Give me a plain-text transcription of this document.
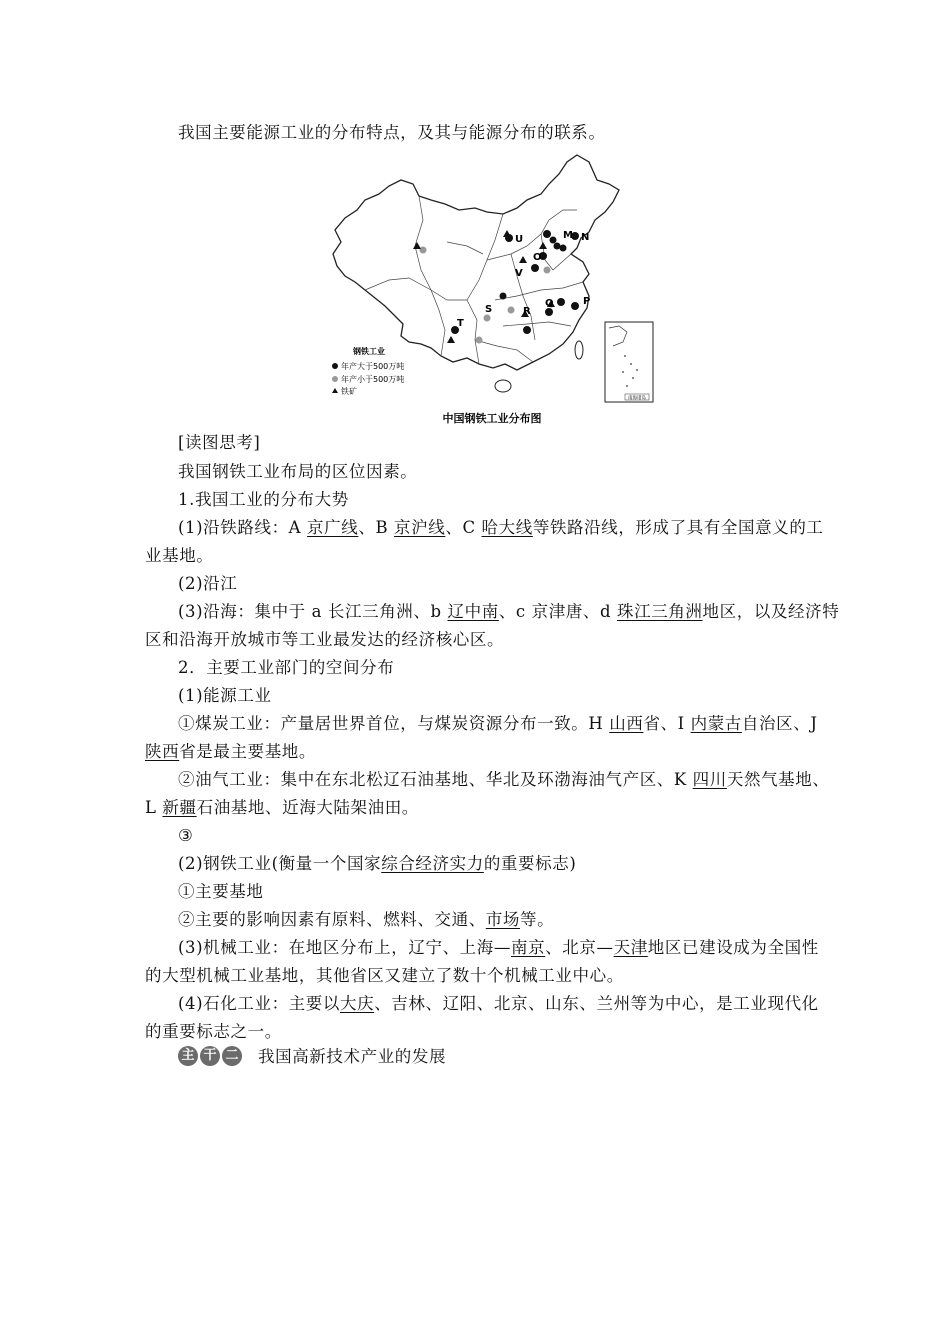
我国主要能源工业的分布特点，及其与能源分布的联系。
南海诸岛
U	M N
O
V
Q	P
R
S
T
钢铁工业
年产大于500万吨
年产小于500万吨
铁矿
中国钢铁工业分布图
[读图思考]
我国钢铁工业布局的区位因素。
1.我国工业的分布大势
(1)沿铁路线：A 京广线、B 京沪线、C 哈大线等铁路沿线，形成了具有全国意义的工
业基地。
(2)沿江
(3)沿海：集中于 a 长江三角洲、b 辽中南、c 京津唐、d 珠江三角洲地区，以及经济特
区和沿海开放城市等工业最发达的经济核心区。
2．主要工业部门的空间分布
(1)能源工业
①煤炭工业：产量居世界首位，与煤炭资源分布一致。H 山西省、I 内蒙古自治区、J
陕西省是最主要基地。
②油气工业：集中在东北松辽石油基地、华北及环渤海油气产区、K 四川天然气基地、
L 新疆石油基地、近海大陆架油田。
③
(2)钢铁工业(衡量一个国家综合经济实力的重要标志)
①主要基地
②主要的影响因素有原料、燃料、交通、市场等。
(3)机械工业：在地区分布上，辽宁、上海—南京、北京—天津地区已建设成为全国性
的大型机械工业基地，其他省区又建立了数十个机械工业中心。
(4)石化工业：主要以大庆、吉林、辽阳、北京、山东、兰州等为中心，是工业现代化
的重要标志之一。
主 干 二 我国高新技术产业的发展
